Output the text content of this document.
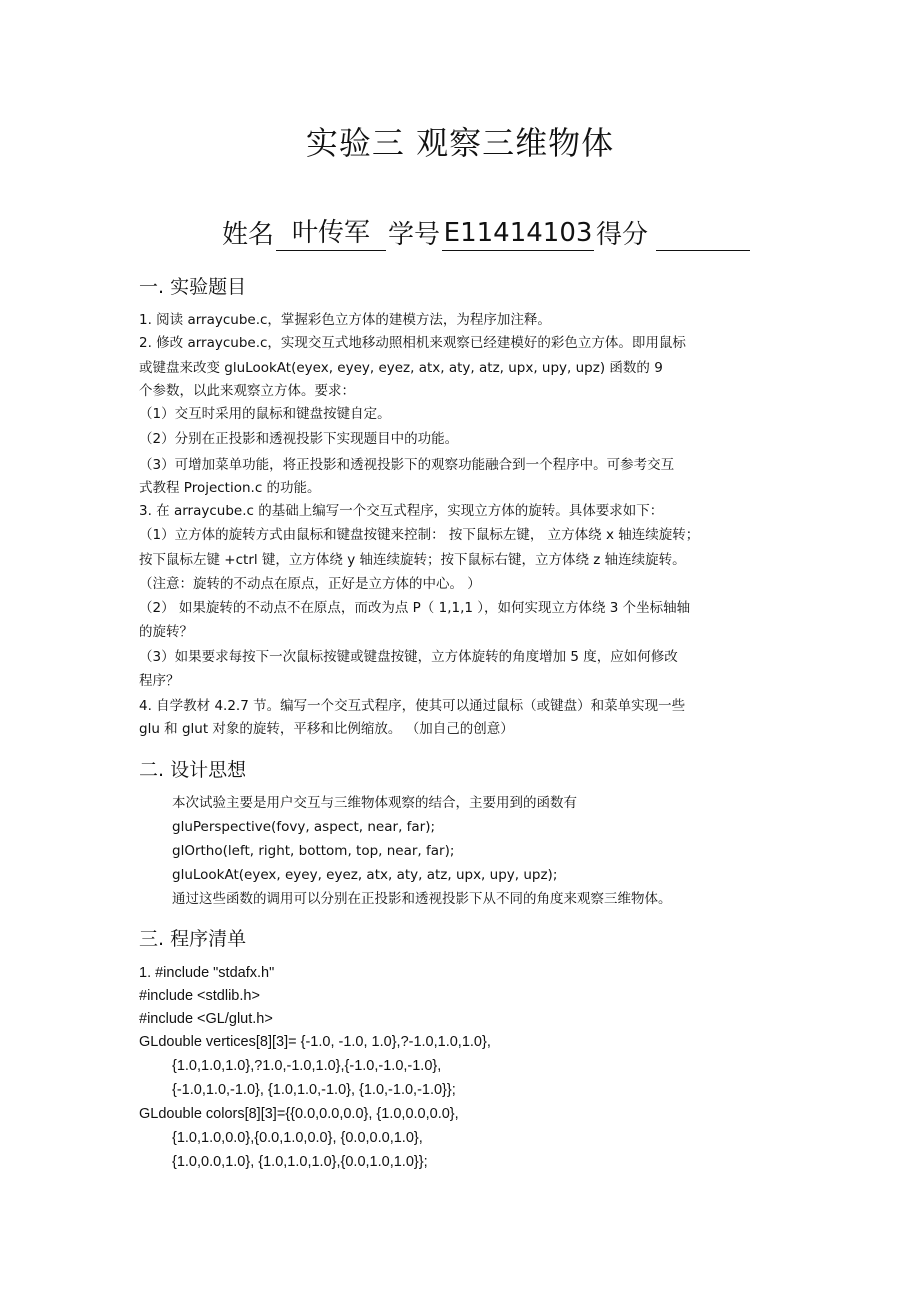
实验三 观察三维物体
姓名 叶传军 学号 E11414103 得分
一. 实验题目
1. 阅读 arraycube.c，掌握彩色立方体的建模方法，为程序加注释。
2. 修改 arraycube.c，实现交互式地移动照相机来观察已经建模好的彩色立方体。即用鼠标
或键盘来改变 gluLookAt(eyex, eyey, eyez, atx, aty, atz, upx, upy, upz) 函数的 9
个参数，以此来观察立方体。要求：
（1）交互时采用的鼠标和键盘按键自定。
（2）分别在正投影和透视投影下实现题目中的功能。
（3）可增加菜单功能，将正投影和透视投影下的观察功能融合到一个程序中。可参考交互
式教程 Projection.c 的功能。
3. 在 arraycube.c 的基础上编写一个交互式程序，实现立方体的旋转。具体要求如下：
（1）立方体的旋转方式由鼠标和键盘按键来控制： 按下鼠标左键， 立方体绕 x 轴连续旋转；
按下鼠标左键 +ctrl 键，立方体绕 y 轴连续旋转；按下鼠标右键，立方体绕 z 轴连续旋转。
（注意：旋转的不动点在原点，正好是立方体的中心。 ）
（2） 如果旋转的不动点不在原点，而改为点 P（ 1,1,1 ），如何实现立方体绕 3 个坐标轴轴
的旋转？
（3）如果要求每按下一次鼠标按键或键盘按键，立方体旋转的角度增加 5 度，应如何修改
程序？
4. 自学教材 4.2.7 节。编写一个交互式程序，使其可以通过鼠标（或键盘）和菜单实现一些
glu 和 glut 对象的旋转，平移和比例缩放。 （加自己的创意）
二. 设计思想
本次试验主要是用户交互与三维物体观察的结合，主要用到的函数有
gluPerspective(fovy, aspect, near, far);
glOrtho(left, right, bottom, top, near, far);
gluLookAt(eyex, eyey, eyez, atx, aty, atz, upx, upy, upz);
通过这些函数的调用可以分别在正投影和透视投影下从不同的角度来观察三维物体。
三. 程序清单
1. #include "stdafx.h"
#include <stdlib.h>
#include <GL/glut.h>
GLdouble vertices[8][3]= {-1.0, -1.0, 1.0},?-1.0,1.0,1.0},
{1.0,1.0,1.0},?1.0,-1.0,1.0},{-1.0,-1.0,-1.0},
{-1.0,1.0,-1.0}, {1.0,1.0,-1.0}, {1.0,-1.0,-1.0}};
GLdouble colors[8][3]={{0.0,0.0,0.0}, {1.0,0.0,0.0},
{1.0,1.0,0.0},{0.0,1.0,0.0}, {0.0,0.0,1.0},
{1.0,0.0,1.0}, {1.0,1.0,1.0},{0.0,1.0,1.0}};
